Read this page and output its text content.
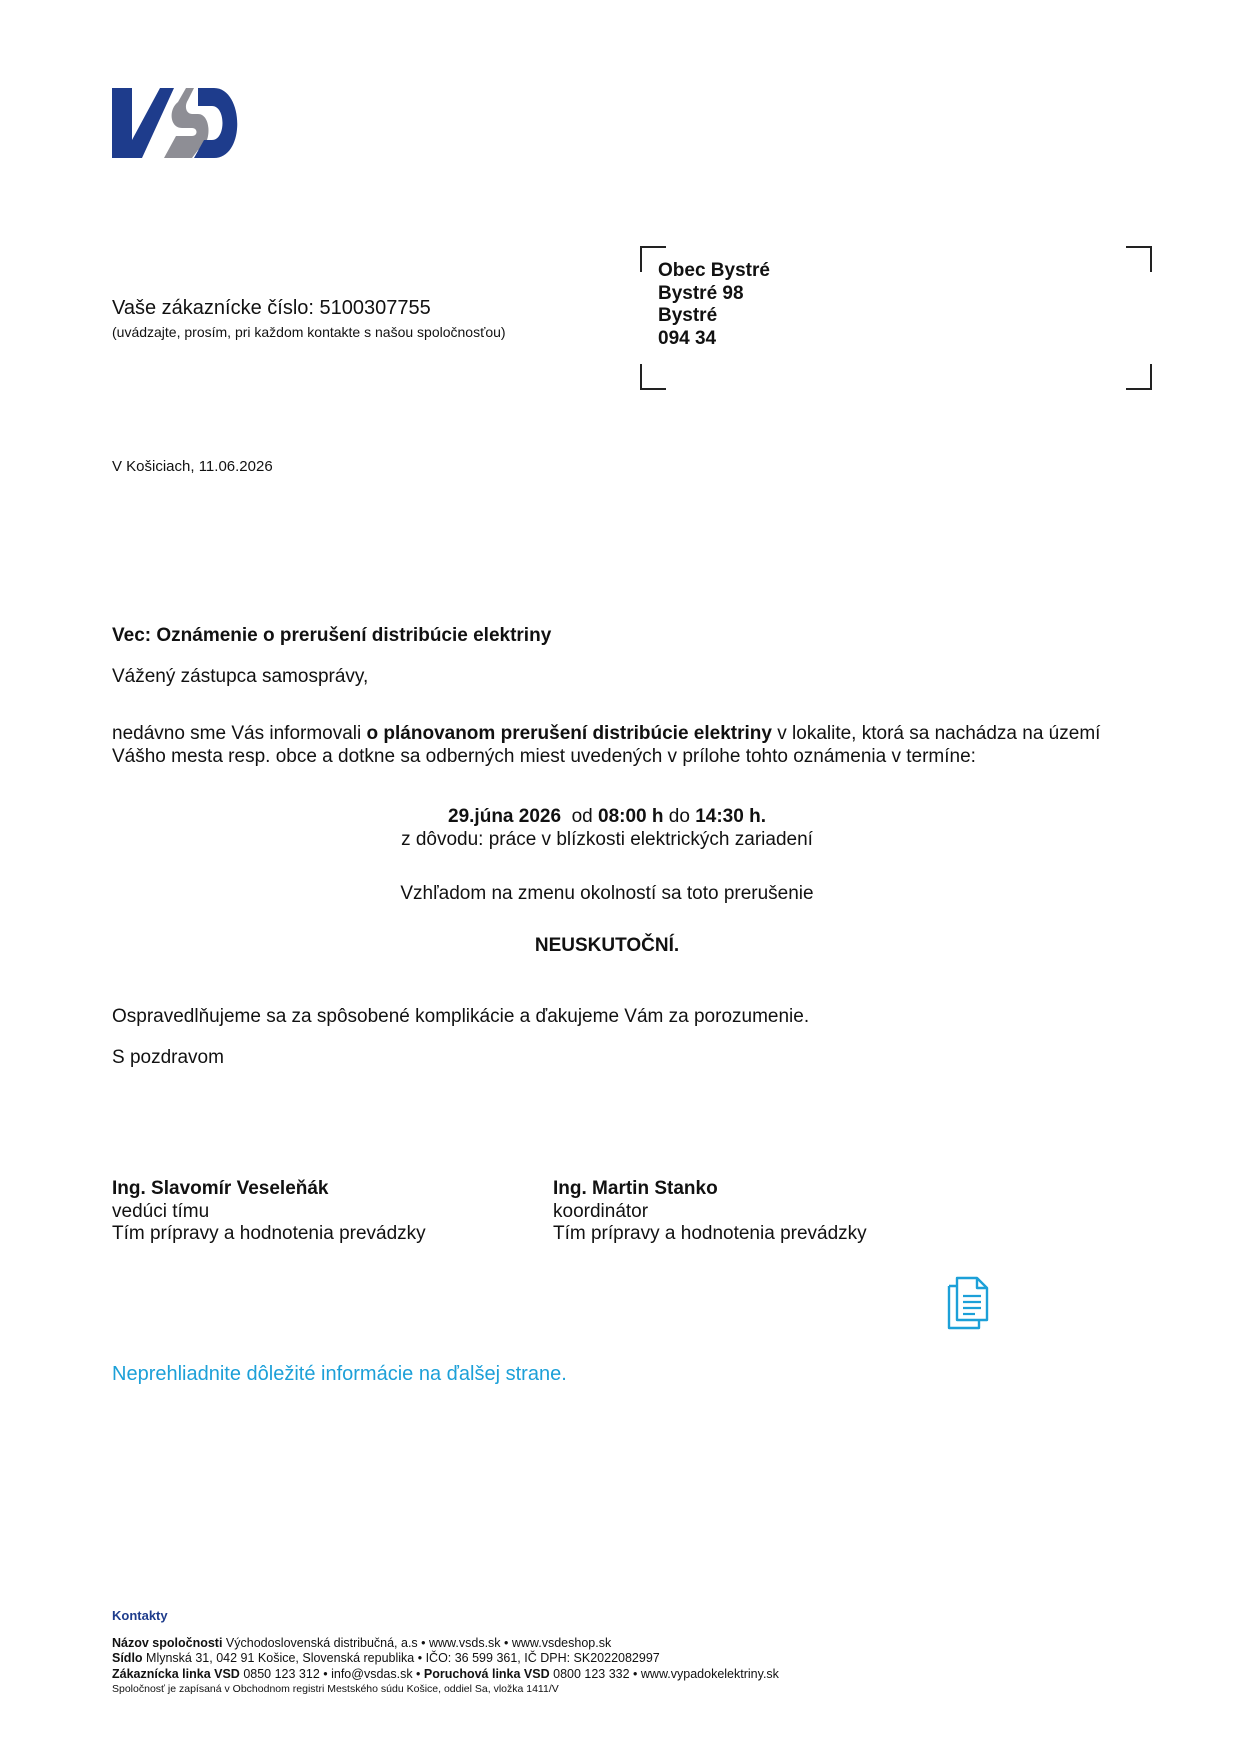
Vaše zákaznícke číslo: 5100307755
(uvádzajte, prosím, pri každom kontakte s našou spoločnosťou)
Obec Bystré
Bystré 98
Bystré
094 34
V Košiciach, 11.06.2026
Vec: Oznámenie o prerušení distribúcie elektriny
Vážený zástupca samosprávy,
nedávno sme Vás informovali o plánovanom prerušení distribúcie elektriny v lokalite, ktorá sa nachádza na území Vášho mesta resp. obce a dotkne sa odberných miest uvedených v prílohe tohto oznámenia v termíne:
29.júna 2026 od 08:00 h do 14:30 h.
z dôvodu: práce v blízkosti elektrických zariadení
Vzhľadom na zmenu okolností sa toto prerušenie
NEUSKUTOČNÍ.
Ospravedlňujeme sa za spôsobené komplikácie a ďakujeme Vám za porozumenie.
S pozdravom
Ing. Slavomír Veseleňák
vedúci tímu
Tím prípravy a hodnotenia prevádzky
Ing. Martin Stanko
koordinátor
Tím prípravy a hodnotenia prevádzky
Neprehliadnite dôležité informácie na ďalšej strane.
Kontakty
Názov spoločnosti Východoslovenská distribučná, a.s • www.vsds.sk • www.vsdeshop.sk
Sídlo Mlynská 31, 042 91 Košice, Slovenská republika • IČO: 36 599 361, IČ DPH: SK2022082997
Zákaznícka linka VSD 0850 123 312 • info@vsdas.sk • Poruchová linka VSD 0800 123 332 • www.vypadokelektriny.sk
Spoločnosť je zapísaná v Obchodnom registri Mestského súdu Košice, oddiel Sa, vložka 1411/V
